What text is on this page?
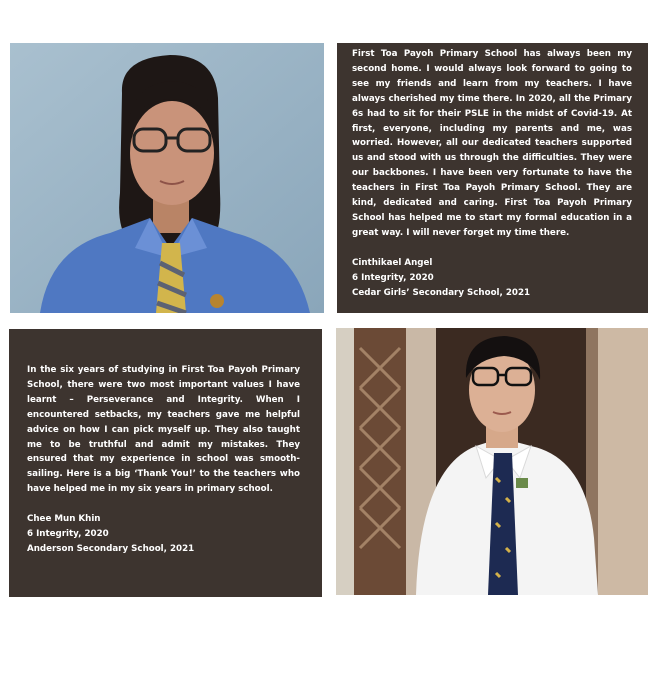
First Toa Payoh Primary School has always been my second home. I would always look forward to going to see my friends and learn from my teachers. I have always cherished my time there. In 2020, all the Primary 6s had to sit for their PSLE in the midst of Covid-19. At first, everyone, including my parents and me, was worried. However, all our dedicated teachers supported us and stood with us through the difficulties. They were our backbones. I have been very fortunate to have the teachers in First Toa Payoh Primary School. They are kind, dedicated and caring. First Toa Payoh Primary School has helped me to start my formal education in a great way. I will never forget my time there.

Cinthikael Angel
6 Integrity, 2020
Cedar Girls’ Secondary School, 2021

In the six years of studying in First Toa Payoh Primary School, there were two most important values I have learnt – Perseverance and Integrity. When I encountered setbacks, my teachers gave me helpful advice on how I can pick myself up. They also taught me to be truthful and admit my mistakes. They ensured that my experience in school was smooth-sailing. Here is a big ‘Thank You!’ to the teachers who have helped me in my six years in primary school.

Chee Mun Khin
6 Integrity, 2020
Anderson Secondary School, 2021
